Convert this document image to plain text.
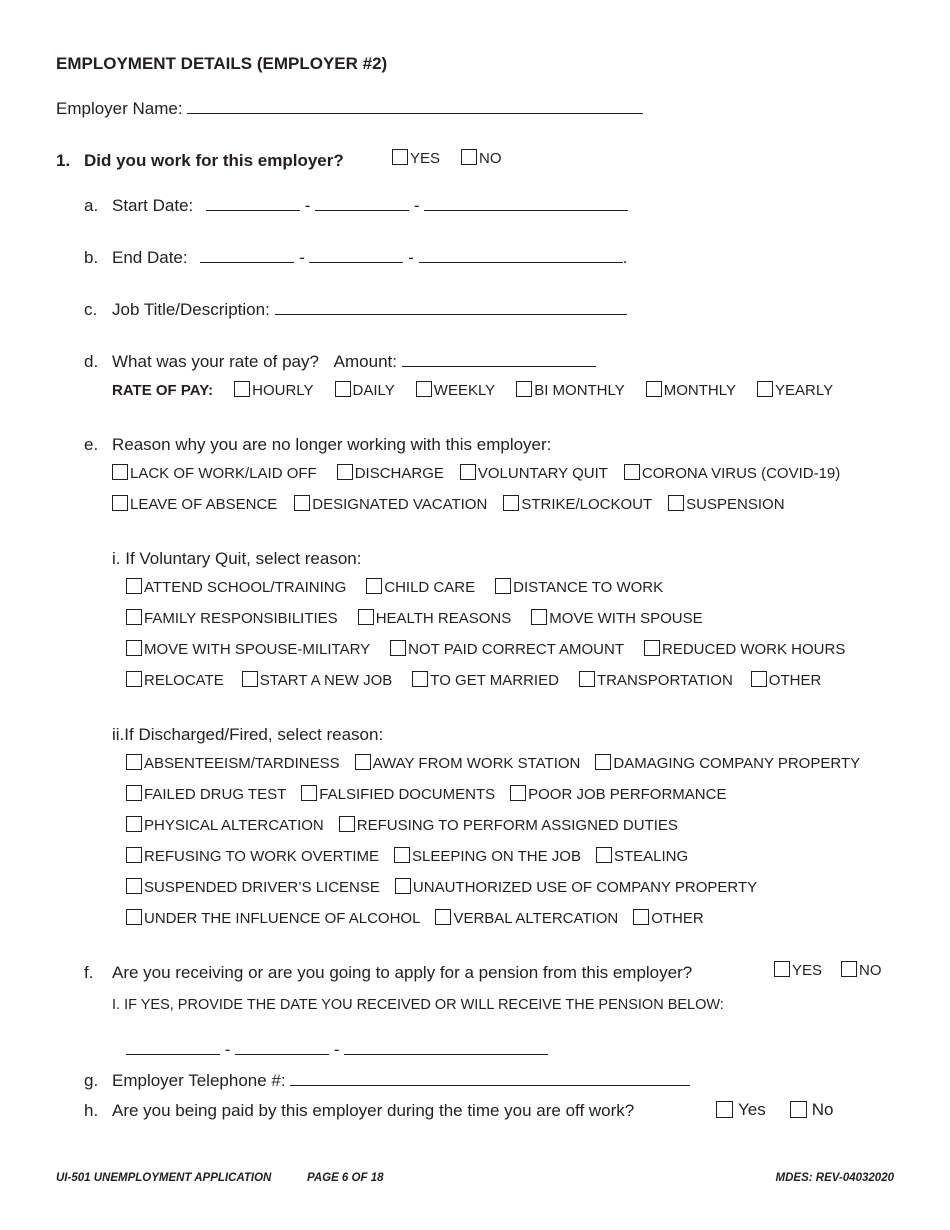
EMPLOYMENT DETAILS (EMPLOYER #2)
Employer Name:
1. Did you work for this employer?	YES	NO
a. Start Date:	-	-
b. End Date:	-	-	.
c. Job Title/Description:
d. What was your rate of pay? Amount:
RATE OF PAY:	HOURLY	DAILY	WEEKLY	BI MONTHLY	MONTHLY	YEARLY
e. Reason why you are no longer working with this employer:
LACK OF WORK/LAID OFF	DISCHARGE VOLUNTARY QUIT CORONA VIRUS (COVID-19)
LEAVE OF ABSENCE DESIGNATED VACATION STRIKE/LOCKOUT SUSPENSION
i. If Voluntary Quit, select reason:
ATTEND SCHOOL/TRAINING	CHILD CARE	DISTANCE TO WORK
FAMILY RESPONSIBILITIES	HEALTH REASONS	MOVE WITH SPOUSE
MOVE WITH SPOUSE-MILITARY	NOT PAID CORRECT AMOUNT	REDUCED WORK HOURS
RELOCATE START A NEW JOB	TO GET MARRIED	TRANSPORTATION OTHER
ii.If Discharged/Fired, select reason:
ABSENTEEISM/TARDINESS AWAY FROM WORK STATION DAMAGING COMPANY PROPERTY
FAILED DRUG TEST FALSIFIED DOCUMENTS POOR JOB PERFORMANCE
PHYSICAL ALTERCATION REFUSING TO PERFORM ASSIGNED DUTIES
REFUSING TO WORK OVERTIME SLEEPING ON THE JOB STEALING
SUSPENDED DRIVER’S LICENSE UNAUTHORIZED USE OF COMPANY PROPERTY
UNDER THE INFLUENCE OF ALCOHOL VERBAL ALTERCATION OTHER
f. Are you receiving or are you going to apply for a pension from this employer?	YES NO
I. IF YES, PROVIDE THE DATE YOU RECEIVED OR WILL RECEIVE THE PENSION BELOW:
-	-
g. Employer Telephone #:
h. Are you being paid by this employer during the time you are off work?	Yes	No
UI-501 UNEMPLOYMENT APPLICATION	PAGE 6 OF 18	MDES: REV-04032020
